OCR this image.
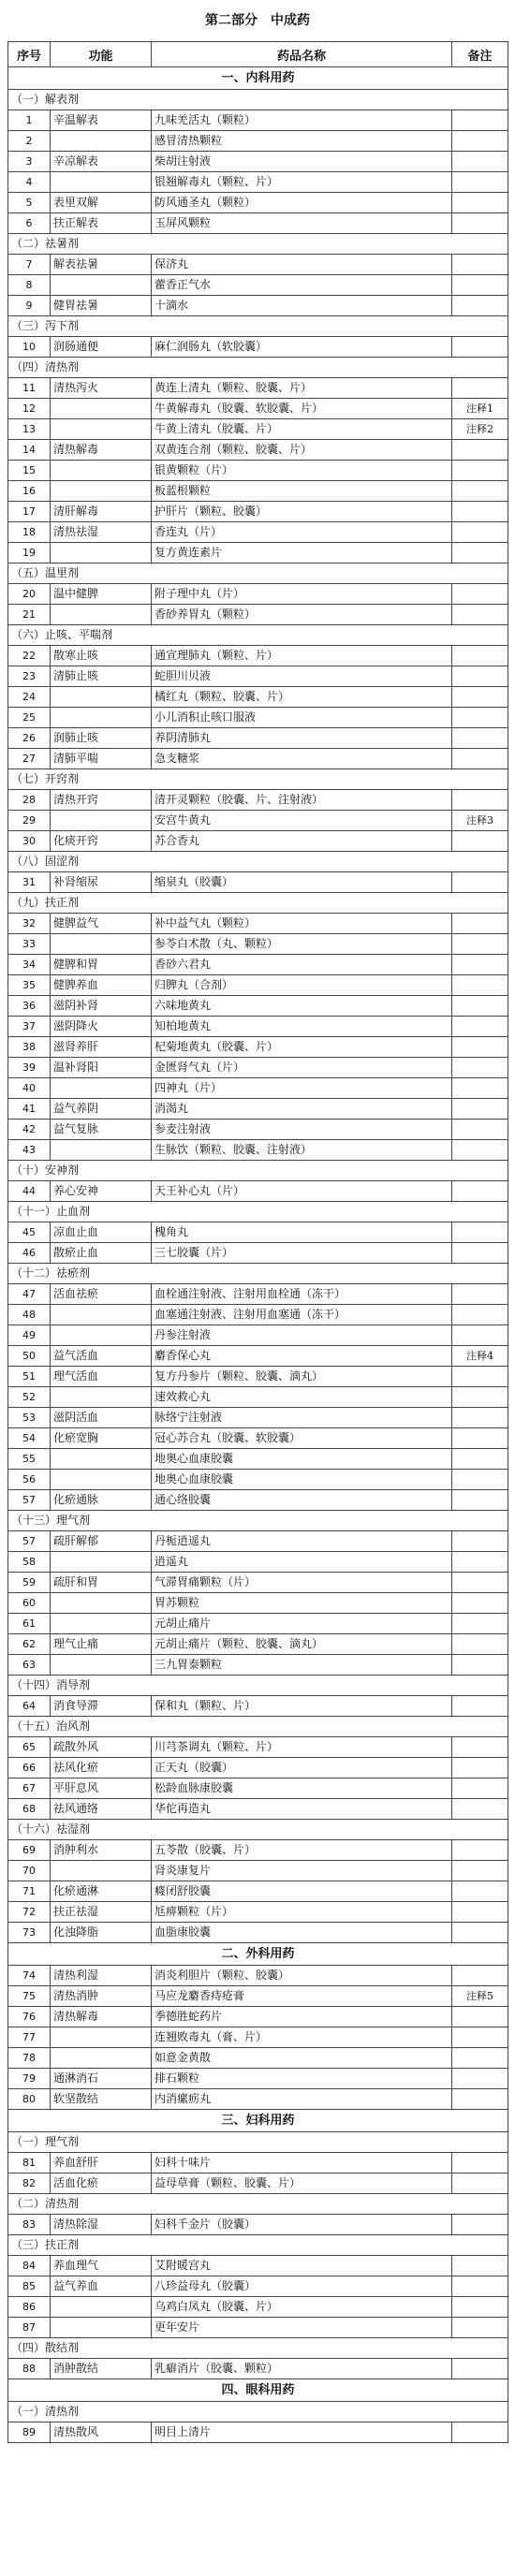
第二部分　中成药
序号	功能	药品名称	备注
一、内科用药			
（一）解表剂			
1	辛温解表	九味羌活丸（颗粒）	
2		感冒清热颗粒	
3	辛凉解表	柴胡注射液	
4		银翘解毒丸（颗粒、片）	
5	表里双解	防风通圣丸（颗粒）	
6	扶正解表	玉屏风颗粒	
（二）祛暑剂			
7	解表祛暑	保济丸	
8		藿香正气水	
9	健胃祛暑	十滴水	
（三）泻下剂			
10	润肠通便	麻仁润肠丸（软胶囊）	
（四）清热剂			
11	清热泻火	黄连上清丸（颗粒、胶囊、片）	
12		牛黄解毒丸（胶囊、软胶囊、片）	注释1
13		牛黄上清丸（胶囊、片）	注释2
14	清热解毒	双黄连合剂（颗粒、胶囊、片）	
15		银黄颗粒（片）	
16		板蓝根颗粒	
17	清肝解毒	护肝片（颗粒、胶囊）	
18	清热祛湿	香连丸（片）	
19		复方黄连素片	
（五）温里剂			
20	温中健脾	附子理中丸（片）	
21		香砂养胃丸（颗粒）	
（六）止咳、平喘剂			
22	散寒止咳	通宣理肺丸（颗粒、片）	
23	清肺止咳	蛇胆川贝液	
24		橘红丸（颗粒、胶囊、片）	
25		小儿消积止咳口服液	
26	润肺止咳	养阴清肺丸	
27	清肺平喘	急支糖浆	
（七）开窍剂			
28	清热开窍	清开灵颗粒（胶囊、片、注射液）	
29		安宫牛黄丸	注释3
30	化痰开窍	苏合香丸	
（八）固涩剂			
31	补肾缩尿	缩泉丸（胶囊）	
（九）扶正剂			
32	健脾益气	补中益气丸（颗粒）	
33		参苓白术散（丸、颗粒）	
34	健脾和胃	香砂六君丸	
35	健脾养血	归脾丸（合剂）	
36	滋阴补肾	六味地黄丸	
37	滋阴降火	知柏地黄丸	
38	滋肾养肝	杞菊地黄丸（胶囊、片）	
39	温补肾阳	金匮肾气丸（片）	
40		四神丸（片）	
41	益气养阴	消渴丸	
42	益气复脉	参麦注射液	
43		生脉饮（颗粒、胶囊、注射液）	
（十）安神剂			
44	养心安神	天王补心丸（片）	
（十一）止血剂			
45	凉血止血	槐角丸	
46	散瘀止血	三七胶囊（片）	
（十二）祛瘀剂			
47	活血祛瘀	血栓通注射液、注射用血栓通（冻干）	
48		血塞通注射液、注射用血塞通（冻干）	
49		丹参注射液	
50	益气活血	麝香保心丸	注释4
51	理气活血	复方丹参片（颗粒、胶囊、滴丸）	
52		速效救心丸	
53	滋阴活血	脉络宁注射液	
54	化瘀宽胸	冠心苏合丸（胶囊、软胶囊）	
55		地奥心血康胶囊	
56		地奥心血康胶囊	
57	化瘀通脉	通心络胶囊	
（十三）理气剂			
57	疏肝解郁	丹栀逍遥丸	
58		逍遥丸	
59	疏肝和胃	气滞胃痛颗粒（片）	
60		胃苏颗粒	
61		元胡止痛片	
62	理气止痛	元胡止痛片（颗粒、胶囊、滴丸）	
63		三九胃泰颗粒	
（十四）消导剂			
64	消食导滞	保和丸（颗粒、片）	
（十五）治风剂			
65	疏散外风	川芎茶调丸（颗粒、片）	
66	祛风化瘀	正天丸（胶囊）	
67	平肝息风	松龄血脉康胶囊	
68	祛风通络	华佗再造丸	
（十六）祛湿剂			
69	消肿利水	五苓散（胶囊、片）	
70		肾炎康复片	
71	化瘀通淋	癃闭舒胶囊	
72	扶正祛湿	尪痹颗粒（片）	
73	化浊降脂	血脂康胶囊	
二、外科用药			
74	清热利湿	消炎利胆片（颗粒、胶囊）	
75	清热消肿	马应龙麝香痔疮膏	注释5
76	清热解毒	季德胜蛇药片	
77		连翘败毒丸（膏、片）	
78		如意金黄散	
79	通淋消石	排石颗粒	
80	软坚散结	内消瘰疬丸	
三、妇科用药			
（一）理气剂			
81	养血舒肝	妇科十味片	
82	活血化瘀	益母草膏（颗粒、胶囊、片）	
（二）清热剂			
83	清热除湿	妇科千金片（胶囊）	
（三）扶正剂			
84	养血理气	艾附暖宫丸	
85	益气养血	八珍益母丸（胶囊）	
86		乌鸡白凤丸（胶囊、片）	
87		更年安片	
（四）散结剂			
88	消肿散结	乳癖消片（胶囊、颗粒）	
四、眼科用药			
（一）清热剂			
89	清热散风	明目上清片	
